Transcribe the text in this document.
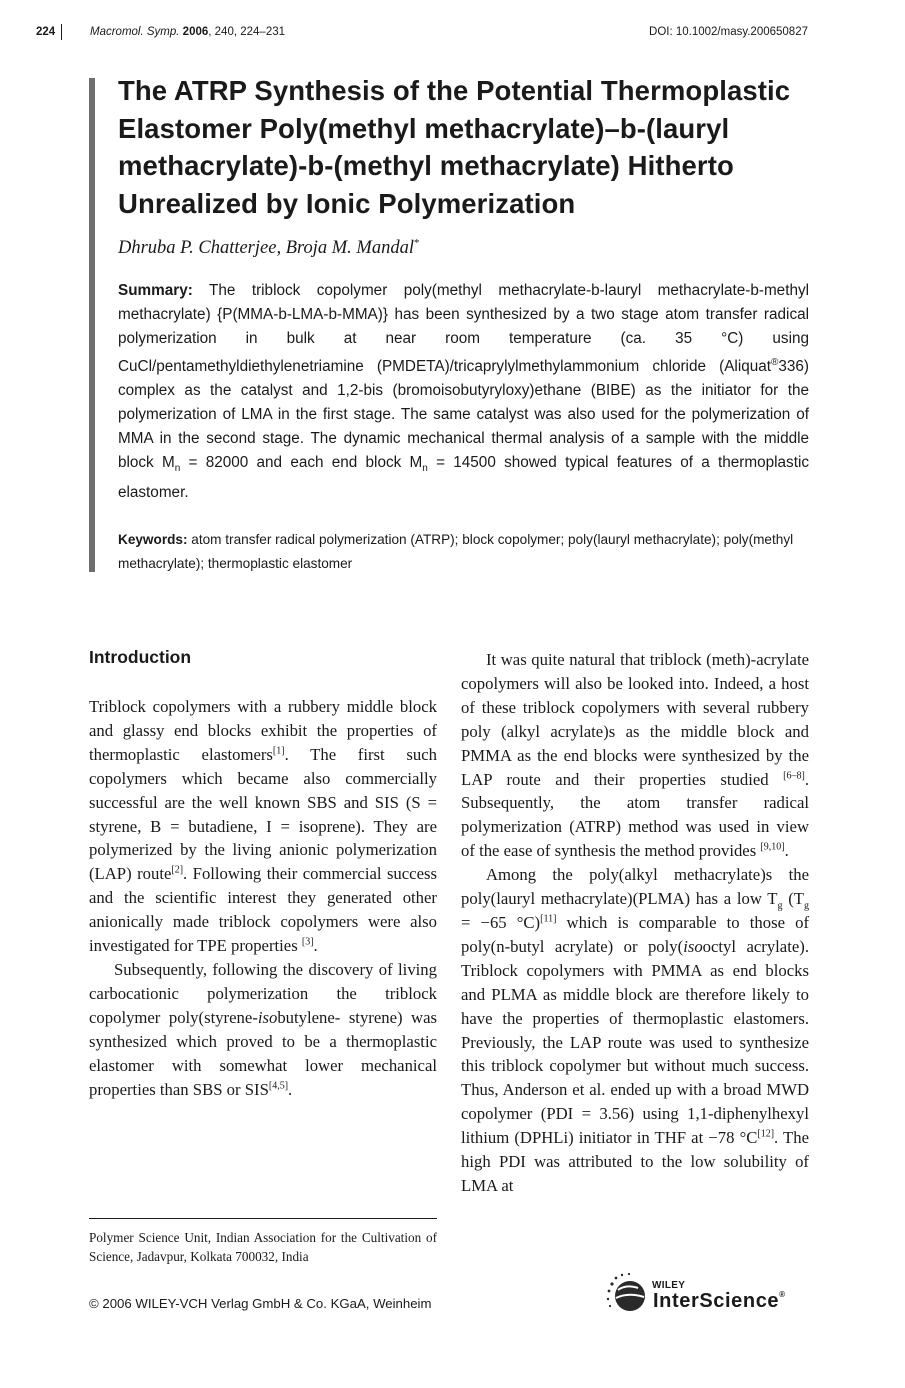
224	Macromol. Symp. 2006, 240, 224–231	DOI: 10.1002/masy.200650827
The ATRP Synthesis of the Potential Thermoplastic Elastomer Poly(methyl methacrylate)–b-(lauryl methacrylate)-b-(methyl methacrylate) Hitherto Unrealized by Ionic Polymerization

Dhruba P. Chatterjee, Broja M. Mandal*

Summary: The triblock copolymer poly(methyl methacrylate-b-lauryl methacrylate-b-methyl methacrylate) {P(MMA-b-LMA-b-MMA)} has been synthesized by a two stage atom transfer radical polymerization in bulk at near room temperature (ca. 35 °C) using CuCl/pentamethyldiethylenetriamine (PMDETA)/tricaprylylmethylammonium chloride (Aliquat®336) complex as the catalyst and 1,2-bis (bromoisobutyryloxy)ethane (BIBE) as the initiator for the polymerization of LMA in the first stage. The same catalyst was also used for the polymerization of MMA in the second stage. The dynamic mechanical thermal analysis of a sample with the middle block $M_n = 82000$ and each end block $M_n = 14500$ showed typical features of a thermoplastic elastomer.

Keywords: atom transfer radical polymerization (ATRP); block copolymer; poly(lauryl methacrylate); poly(methyl methacrylate); thermoplastic elastomer

Introduction

Triblock copolymers with a rubbery middle block and glassy end blocks exhibit the properties of thermoplastic elastomers[1]. The first such copolymers which became also commercially successful are the well known SBS and SIS (S = styrene, B = butadiene, I = isoprene). They are polymerized by the living anionic polymerization (LAP) route[2]. Following their commercial success and the scientific interest they generated other anionically made triblock copolymers were also investigated for TPE properties [3].

Subsequently, following the discovery of living carbocationic polymerization the triblock copolymer poly(styrene-isobutylene- styrene) was synthesized which proved to be a thermoplastic elastomer with somewhat lower mechanical properties than SBS or SIS[4,5].

It was quite natural that triblock (meth)-acrylate copolymers will also be looked into. Indeed, a host of these triblock copolymers with several rubbery poly (alkyl acrylate)s as the middle block and PMMA as the end blocks were synthesized by the LAP route and their properties studied [6–8]. Subsequently, the atom transfer radical polymerization (ATRP) method was used in view of the ease of synthesis the method provides [9,10].

Among the poly(alkyl methacrylate)s the poly(lauryl methacrylate)(PLMA) has a low $T_g$ ($T_g = -65$ °C)[11] which is comparable to those of poly(n-butyl acrylate) or poly(isooctyl acrylate). Triblock copolymers with PMMA as end blocks and PLMA as middle block are therefore likely to have the properties of thermoplastic elastomers. Previously, the LAP route was used to synthesize this triblock copolymer but without much success. Thus, Anderson et al. ended up with a broad MWD copolymer (PDI = 3.56) using 1,1-diphenylhexyl lithium (DPHLi) initiator in THF at −78 °C[12]. The high PDI was attributed to the low solubility of LMA at

Polymer Science Unit, Indian Association for the Cultivation of Science, Jadavpur, Kolkata 700032, India

© 2006 WILEY-VCH Verlag GmbH & Co. KGaA, Weinheim

WILEY
InterScience®
